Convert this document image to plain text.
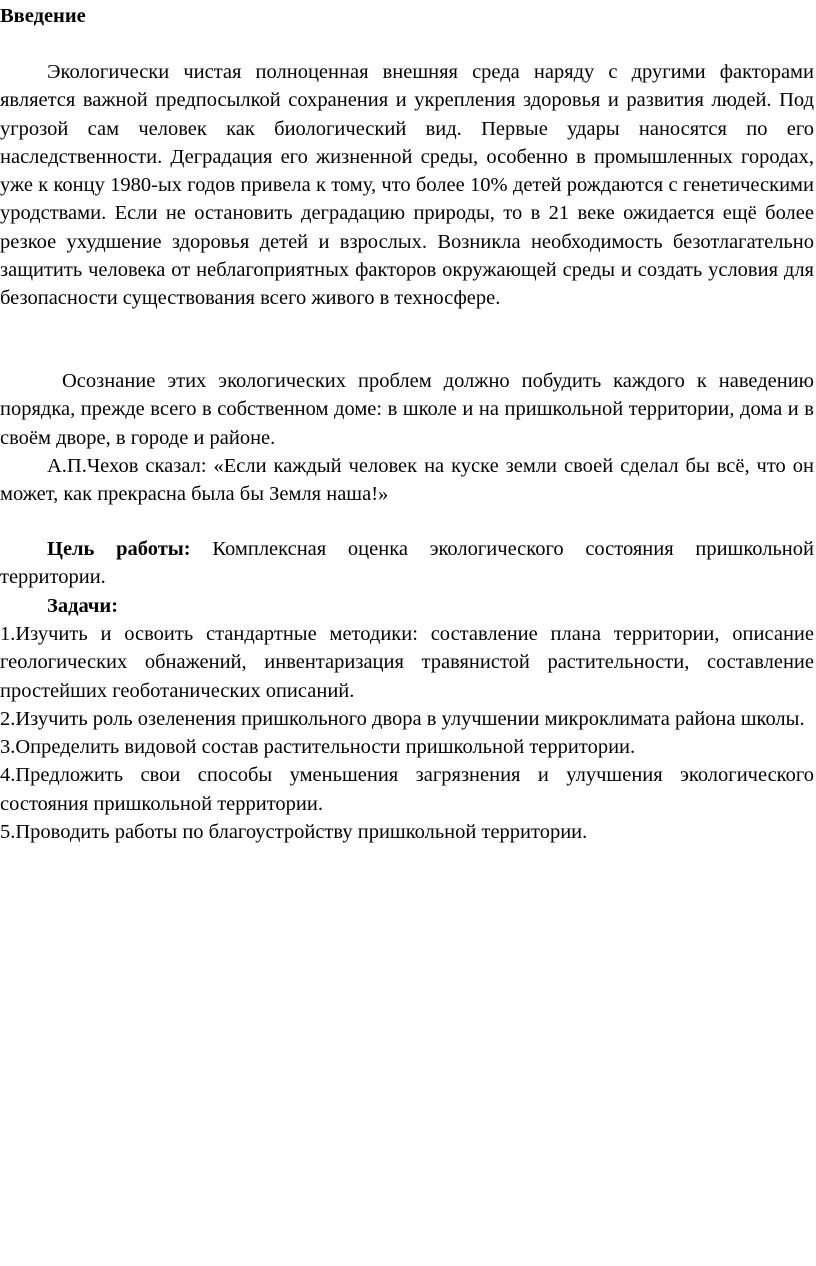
Введение

Экологически чистая полноценная внешняя среда наряду с другими факторами является важной предпосылкой сохранения и укрепления здоровья и развития людей. Под угрозой сам человек как биологический вид. Первые удары наносятся по его наследственности. Деградация его жизненной среды, особенно в промышленных городах, уже к концу 1980-ых годов привела к тому, что более 10% детей рождаются с генетическими уродствами. Если не остановить деградацию природы, то в 21 веке ожидается ещё более резкое ухудшение здоровья детей и взрослых. Возникла необходимость безотлагательно защитить человека от неблагоприятных факторов окружающей среды и создать условия для безопасности существования всего живого в техносфере.

Осознание этих экологических проблем должно побудить каждого к наведению порядка, прежде всего в собственном доме: в школе и на пришкольной территории, дома и в своём дворе, в городе и районе.

А.П.Чехов сказал: «Если каждый человек на куске земли своей сделал бы всё, что он может, как прекрасна была бы Земля наша!»

Цель работы: Комплексная оценка экологического состояния пришкольной территории.

Задачи:

1.Изучить и освоить стандартные методики: составление плана территории, описание геологических обнажений, инвентаризация травянистой растительности, составление простейших геоботанических описаний.

2.Изучить роль озеленения пришкольного двора в улучшении микроклимата района школы.

3.Определить видовой состав растительности пришкольной территории.

4.Предложить свои способы уменьшения загрязнения и улучшения экологического состояния пришкольной территории.

5.Проводить работы по благоустройству пришкольной территории.
